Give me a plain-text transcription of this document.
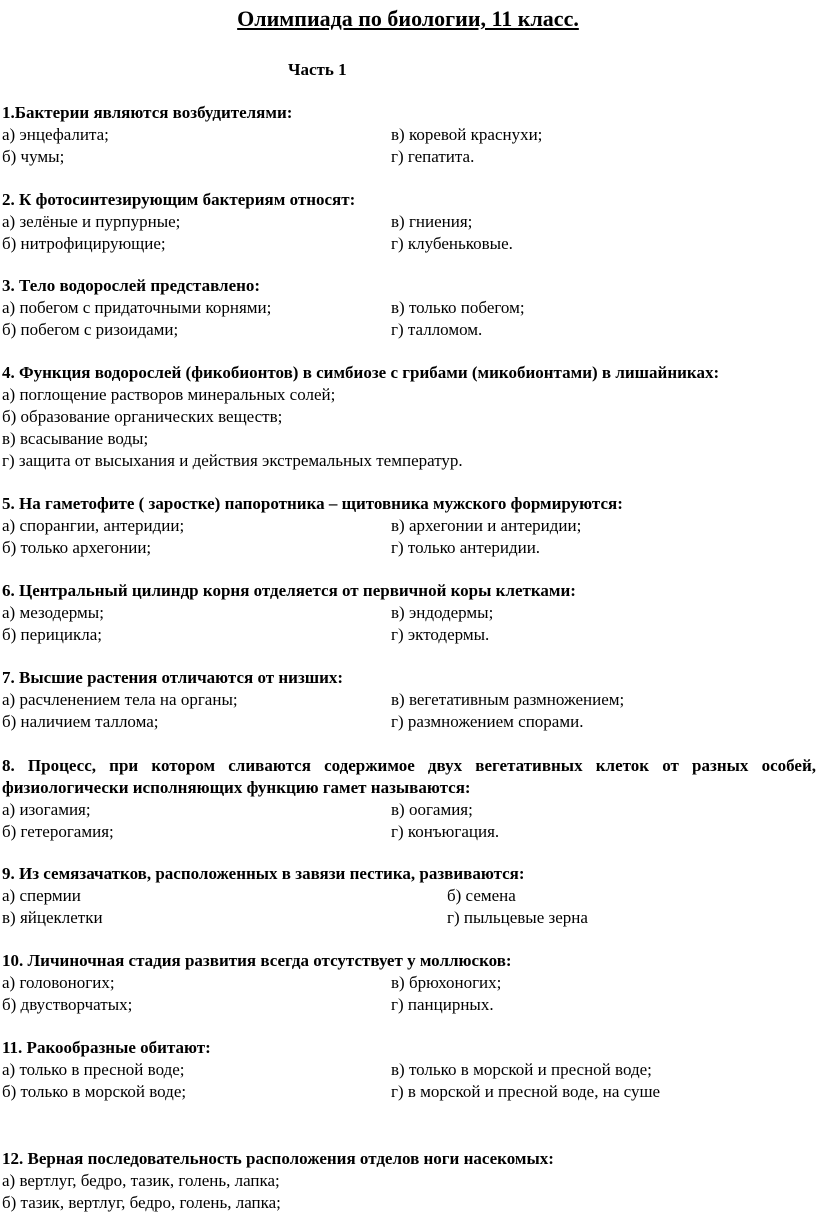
Олимпиада по биологии, 11 класс.
Часть 1
1.Бактерии являются возбудителями:
а) энцефалита;	в) коревой краснухи;
б) чумы;	г) гепатита.
2. К фотосинтезирующим бактериям относят:
а) зелёные и пурпурные;	в) гниения;
б) нитрофицирующие;	г) клубеньковые.
3. Тело водорослей представлено:
а) побегом с придаточными корнями;	в) только побегом;
б) побегом с ризоидами;	г) талломом.
4. Функция водорослей (фикобионтов) в симбиозе с грибами (микобионтами) в лишайниках:
а) поглощение растворов минеральных солей;
б) образование органических веществ;
в) всасывание воды;
г) защита от высыхания и действия экстремальных температур.
5. На гаметофите ( заростке) папоротника – щитовника мужского формируются:
а) спорангии, антеридии;	в) архегонии и антеридии;
б) только архегонии;	г) только антеридии.
6. Центральный цилиндр корня отделяется от первичной коры клетками:
а) мезодермы;	в) эндодермы;
б) перицикла;	г) эктодермы.
7. Высшие растения отличаются от низших:
а) расчленением тела на органы;	в) вегетативным размножением;
б) наличием таллома;	г) размножением спорами.
8. Процесс, при котором сливаются содержимое двух вегетативных клеток от разных особей, физиологически исполняющих функцию гамет называются:
а) изогамия;	в) оогамия;
б) гетерогамия;	г) конъюгация.
9. Из семязачатков, расположенных в завязи пестика, развиваются:
а) спермии	б) семена
в) яйцеклетки	г) пыльцевые зерна
10. Личиночная стадия развития всегда отсутствует у моллюсков:
а) головоногих;	в) брюхоногих;
б) двустворчатых;	г) панцирных.
11. Ракообразные обитают:
а) только в пресной воде;	в) только в морской и пресной воде;
б) только в морской воде;	г) в морской и пресной воде, на суше
12. Верная последовательность расположения отделов ноги насекомых:
а) вертлуг, бедро, тазик, голень, лапка;
б) тазик, вертлуг, бедро, голень, лапка;
